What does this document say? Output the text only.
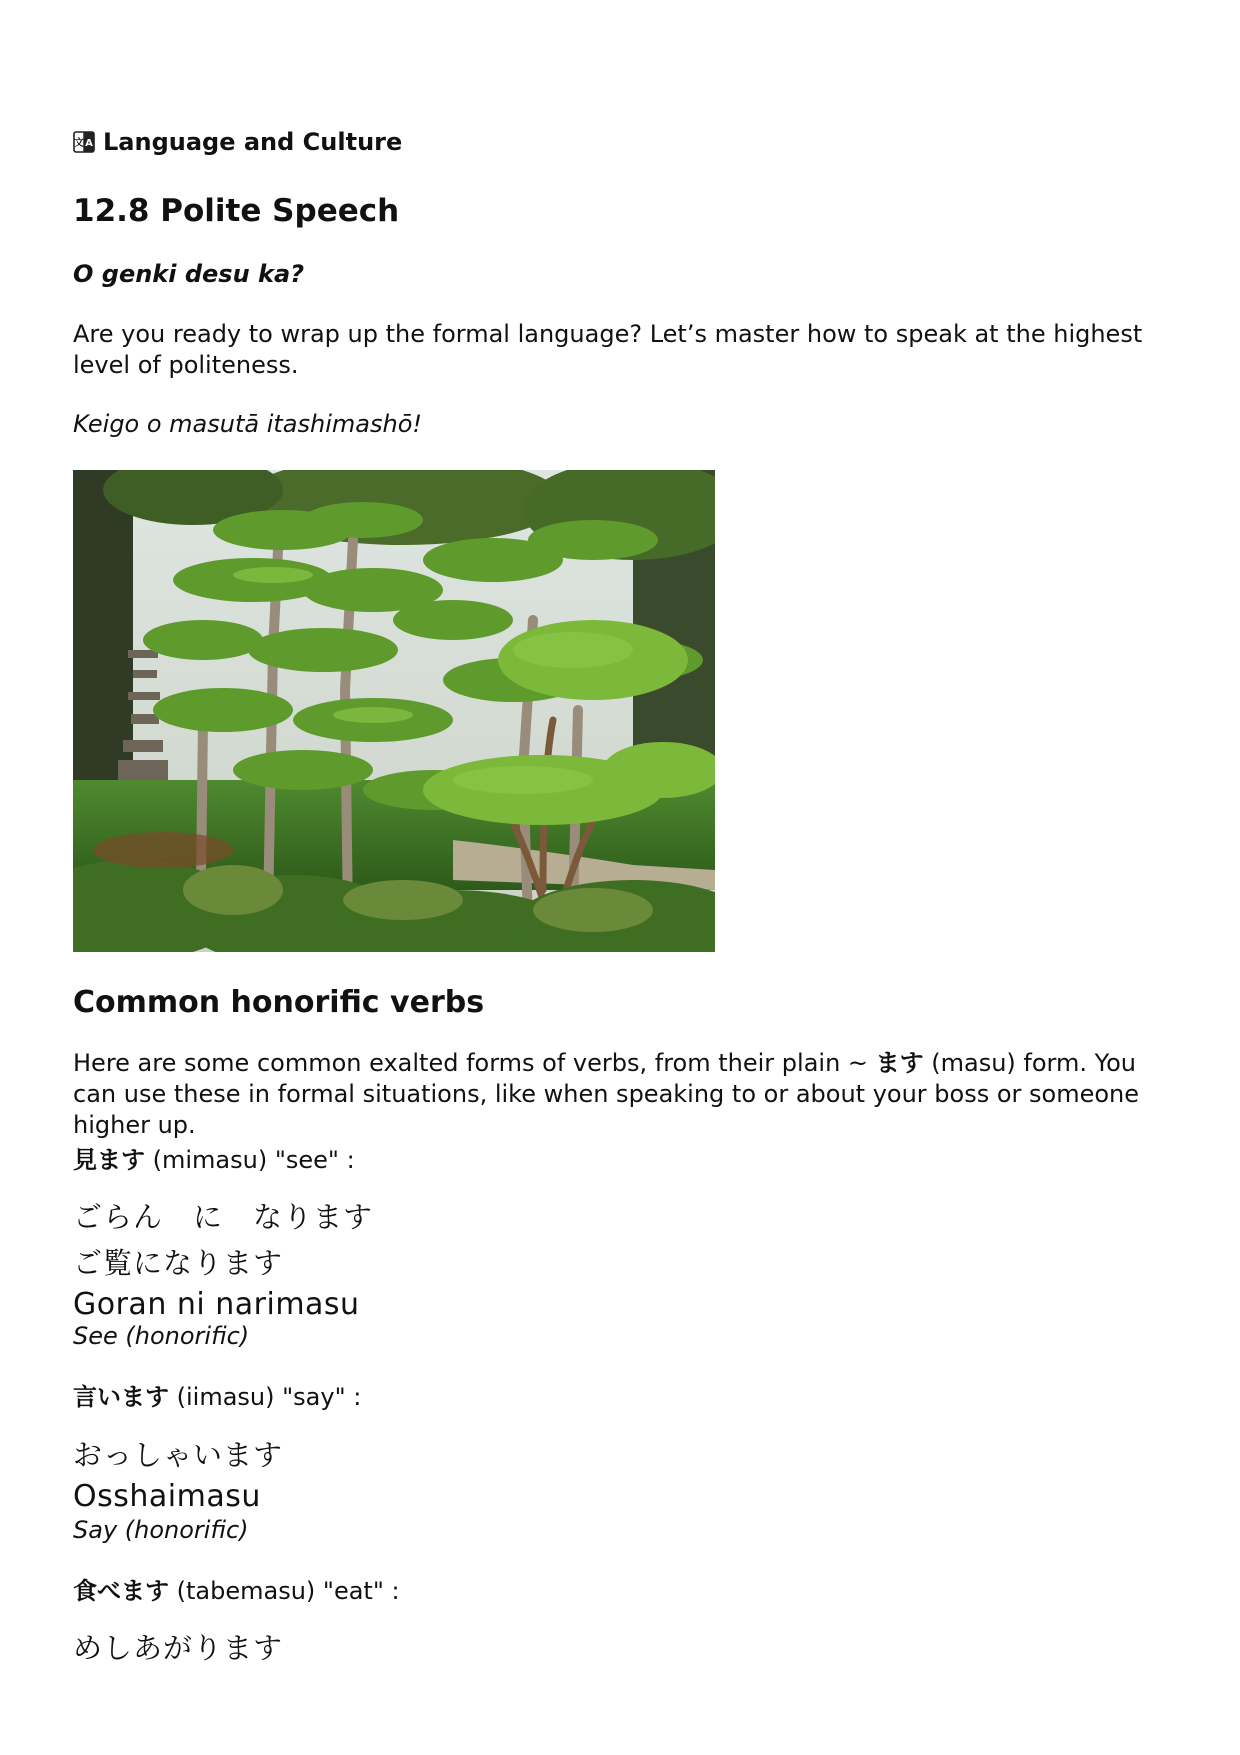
文 A Language and Culture
12.8 Polite Speech

O genki desu ka?

Are you ready to wrap up the formal language? Let’s master how to speak at the highest level of politeness.

Keigo o masutā itashimashō!

Common honorific verbs

Here are some common exalted forms of verbs, from their plain ~ ます (masu) form. You can use these in formal situations, like when speaking to or about your boss or someone higher up.

見ます (mimasu) "see" :
ごらん に なります
ご覧になります
Goran ni narimasu
See (honorific)
言います (iimasu) "say" :
おっしゃいます
Osshaimasu
Say (honorific)
食べます (tabemasu) "eat" :
めしあがります
